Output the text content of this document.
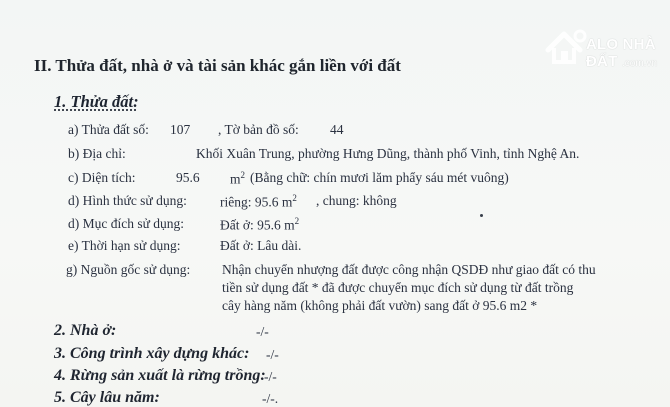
ALO NHÀ ĐẤT .com.vn
II. Thửa đất, nhà ở và tài sản khác gắn liền với đất
1. Thửa đất:
a) Thửa đất số: 107 , Tờ bản đồ số: 44
b) Địa chỉ:	Khối Xuân Trung, phường Hưng Dũng, thành phố Vinh, tỉnh Nghệ An.
c) Diện tích:	95.6 $m^2$ (Bằng chữ: chín mươi lăm phẩy sáu mét vuông)
d) Hình thức sử dụng: riêng: 95.6 $m^2$ , chung: không
d) Mục đích sử dụng:	Đất ở: 95.6 $m^2$
e) Thời hạn sử dụng:	Đất ở: Lâu dài.
g) Nguồn gốc sử dụng: Nhận chuyển nhượng đất được công nhận QSDĐ như giao đất có thu
tiền sử dụng đất * đã được chuyển mục đích sử dụng từ đất trồng
cây hàng năm (không phải đất vườn) sang đất ở 95.6 m2 *
2. Nhà ở:	-/-
3. Công trình xây dựng khác: -/-
4. Rừng sản xuất là rừng trồng:
-/-
5. Cây lâu năm:	-/-.
